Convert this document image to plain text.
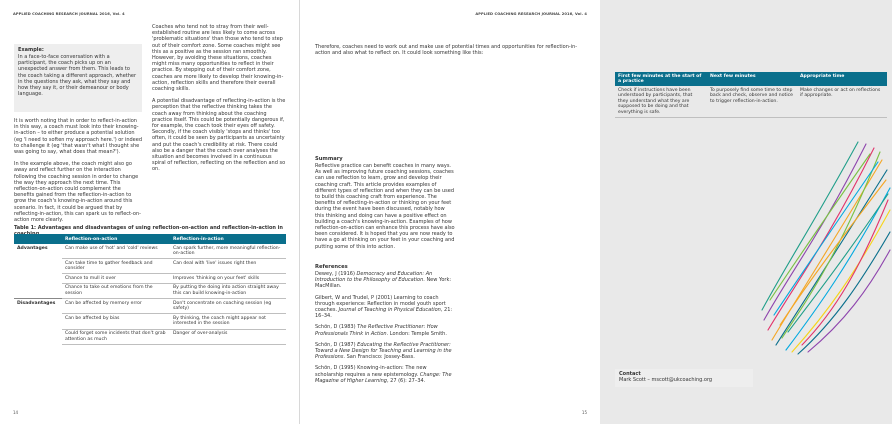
APPLIED COACHING RESEARCH JOURNAL 2016, Vol. 4
Example:
In a face-to-face conversation with a participant, the coach picks up on an unexpected answer from them. This leads to the coach taking a different approach, whether in the questions they ask, what they say and how they say it, or their demeanour or body language.

It is worth noting that in order to reflect-in-action in this way, a coach must look into their knowing-in-action – to either produce a potential solution (eg 'I need to soften my approach here.') or indeed to challenge it (eg 'that wasn't what I thought she was going to say, what does that mean?').

In the example above, the coach might also go away and reflect further on the interaction following the coaching session in order to change the way they approach the next time. This reflection-on-action could complement the benefits gained from the reflection-in-action to grow the coach's knowing-in-action around this scenario. In fact, it could be argued that by reflecting-in-action, this can spark us to reflect-on-action more clearly.

Coaches who tend not to stray from their well-established routine are less likely to come across 'problematic situations' than those who tend to step out of their comfort zone. Some coaches might see this as a positive as the session ran smoothly. However, by avoiding these situations, coaches might miss many opportunities to reflect in their practice. By stepping out of their comfort zone, coaches are more likely to develop their knowing-in-action, reflection skills and therefore their overall coaching skills.

A potential disadvantage of reflecting-in-action is the perception that the reflective thinking takes the coach away from thinking about the coaching practice itself. This could be potentially dangerous if, for example, the coach took their eyes off safety. Secondly, if the coach visibly 'stops and thinks' too often, it could be seen by participants as uncertainty and put the coach's credibility at risk. There could also be a danger that the coach over analyses the situation and becomes involved in a continuous spiral of reflection, reflecting on the reflection and so on.

Table 1: Advantages and disadvantages of using reflection-on-action and reflection-in-action in
	Reflection-on-action	Reflection-in-action
Advantages	Can make use of 'hot' and 'cold' reviews	Can spark further, more meaningful reflection-on-action
	Can take time to gather feedback and consider	Can deal with 'live' issues right then
	Chance to mull it over	Improves 'thinking on your feet' skills
	Chance to take out emotions from the session	By putting the doing into action straight away this can build knowing-in-action
Disadvantages	Can be affected by memory error	Don't concentrate on coaching session (eg safety)
	Can be affected by bias	By thinking, the coach might appear not interested in the session
	Could forget some incidents that don't grab attention as much	Danger of over-analysis
14
APPLIED COACHING RESEARCH JOURNAL 2016, Vol. 4

Therefore, coaches need to work out and make use of potential times and opportunities for reflection-in-action and also what to reflect on. It could look something like this:

First few minutes at the start of a practice	Next few minutes	Appropriate time
Check if instructions have been understood by participants, that they understand what they are supposed to be doing and that everything is safe.	To purposely find some time to step back and check, observe and notice to trigger reflection-in-action.	Make changes or act on reflections if appropriate.
Summary

Reflective practice can benefit coaches in many ways. As well as improving future coaching sessions, coaches can use reflection to learn, grow and develop their coaching craft. This article provides examples of different types of reflection and when they can be used to build this coaching craft from experience. The benefits of reflecting-in-action or thinking on your feet during the event have been discussed, notably how this thinking and doing can have a positive effect on building a coach's knowing-in-action. Examples of how reflection-on-action can enhance this process have also been considered. It is hoped that you are now ready to have a go at thinking on your feet in your coaching and putting some of this into action.

References

Dewey, J (1916) Democracy and Education: An Introduction to the Philosophy of Education. New York: MacMillan.

Gilbert, W and Trudel, P (2001) Learning to coach through experience: Reflection in model youth sport coaches. Journal of Teaching in Physical Education, 21: 16–34.

Schön, D (1983) The Reflective Practitioner: How Professionals Think in Action. London: Temple Smith.

Schön, D (1987) Educating the Reflective Practitioner: Toward a New Design for Teaching and Learning in the Professions. San Francisco: Jossey-Bass.

Schön, D (1995) Knowing-in-action: The new scholarship requires a new epistemology. Change: The Magazine of Higher Learning, 27 (6): 27–34.

Contact
Mark Scott – mscott@ukcoaching.org
15
